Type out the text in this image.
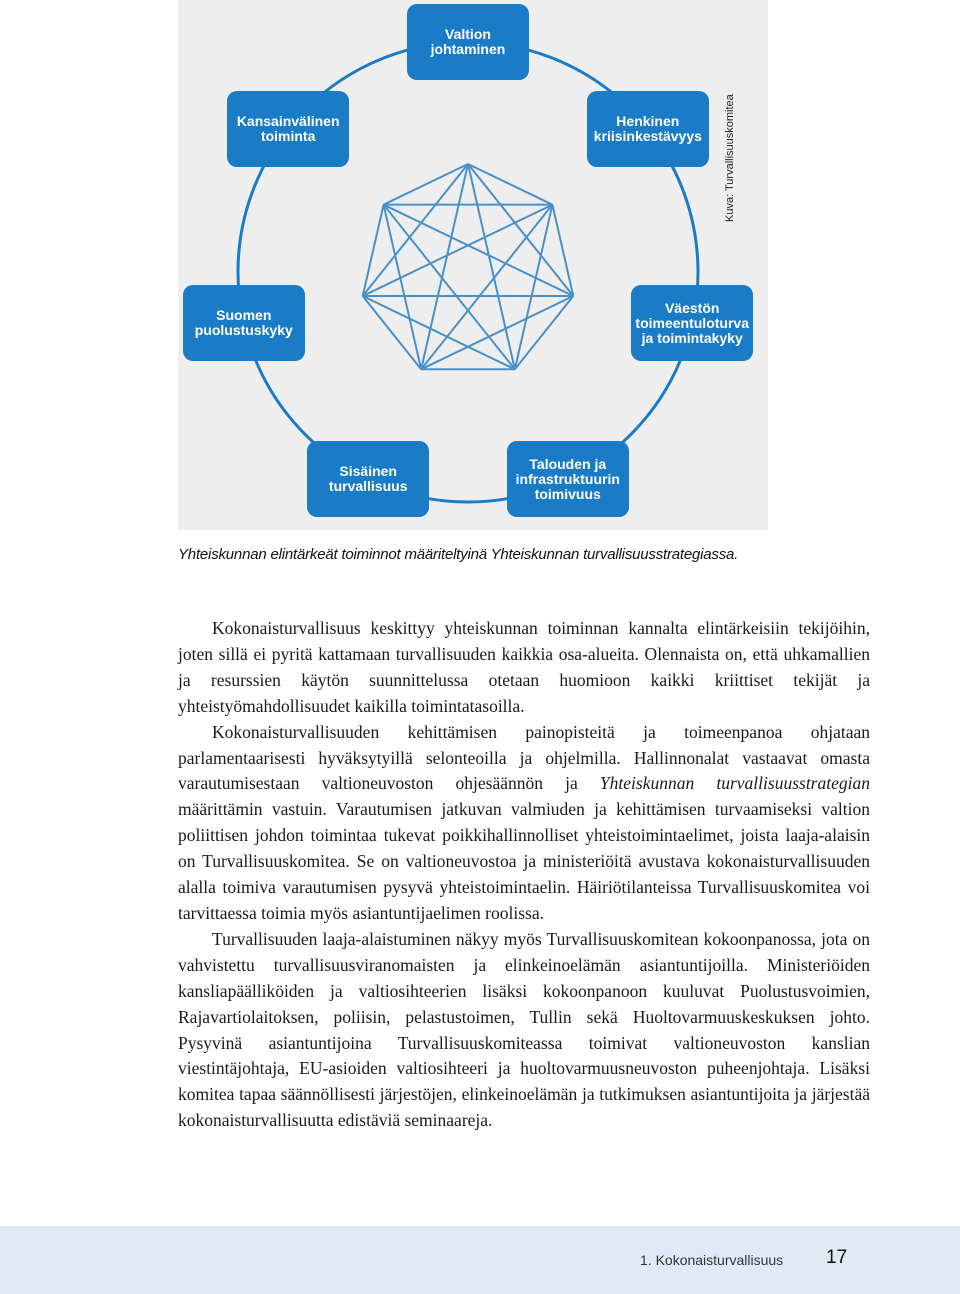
Valtion
johtaminen
Henkinen
kriisinkestävyys
Väestön
toimeentuloturva
ja toimintakyky
Talouden ja
infrastruktuurin
toimivuus
Sisäinen
turvallisuus
Suomen
puolustuskyky
Kansainvälinen
toiminta	Kuva: Turvallisuuskomitea
Yhteiskunnan elintärkeät toiminnot määriteltyinä Yhteiskunnan turvallisuusstrategiassa.

Kokonaisturvallisuus keskittyy yhteiskunnan toiminnan kannalta elintärkeisiin tekijöihin, joten sillä ei pyritä kattamaan turvallisuuden kaikkia osa-alueita. Olennaista on, että uhkamallien ja resurssien käytön suunnittelussa otetaan huomioon kaikki kriittiset tekijät ja yhteistyömahdollisuudet kaikilla toimintatasoilla.

Kokonaisturvallisuuden kehittämisen painopisteitä ja toimeenpanoa ohjataan parlamentaarisesti hyväksytyillä selonteoilla ja ohjelmilla. Hallinnonalat vastaavat omasta varautumisestaan valtioneuvoston ohjesäännön ja Yhteiskunnan turvallisuusstrategian määrittämin vastuin. Varautumisen jatkuvan valmiuden ja kehittämisen turvaamiseksi valtion poliittisen johdon toimintaa tukevat poikkihallinnolliset yhteistoimintaelimet, joista laaja-alaisin on Turvallisuuskomitea. Se on valtioneuvostoa ja ministeriöitä avustava kokonaisturvallisuuden alalla toimiva varautumisen pysyvä yhteistoimintaelin. Häiriötilanteissa Turvallisuuskomitea voi tarvittaessa toimia myös asiantuntijaelimen roolissa.

Turvallisuuden laaja-alaistuminen näkyy myös Turvallisuuskomitean kokoonpanossa, jota on vahvistettu turvallisuusviranomaisten ja elinkeinoelämän asiantuntijoilla. Ministeriöiden kansliapäälliköiden ja valtiosihteerien lisäksi kokoonpanoon kuuluvat Puolustusvoimien, Rajavartiolaitoksen, poliisin, pelastustoimen, Tullin sekä Huoltovarmuuskeskuksen johto. Pysyvinä asiantuntijoina Turvallisuuskomiteassa toimivat valtioneuvoston kanslian viestintäjohtaja, EU-asioiden valtiosihteeri ja huoltovarmuusneuvoston puheenjohtaja. Lisäksi komitea tapaa säännöllisesti järjestöjen, elinkeinoelämän ja tutkimuksen asiantuntijoita ja järjestää kokonaisturvallisuutta edistäviä seminaareja.

1. Kokonaisturvallisuus 17
